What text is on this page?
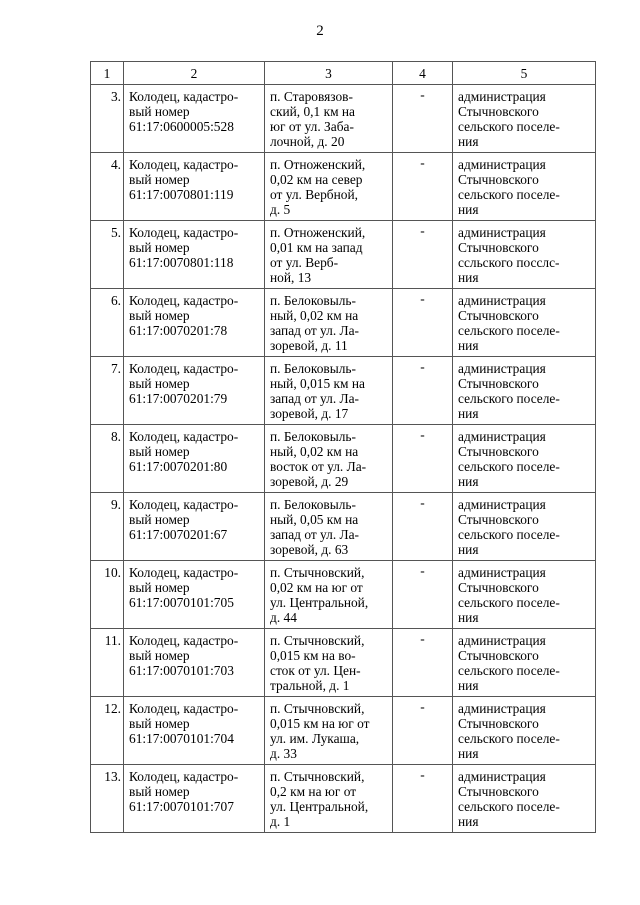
2
1	2	3	4	5
3.	Колодец, кадастро-
вый номер
61:17:0600005:528	п. Старовязов-
ский, 0,1 км на
юг от ул. Заба-
лочной, д. 20	-	администрация
Стычновского
сельского поселе-
ния

4.	Колодец, кадастро-
вый номер
61:17:0070801:119	п. Отноженский,
0,02 км на север
от ул. Вербной,
д. 5	-	администрация
Стычновского
сельского поселе-
ния

5.	Колодец, кадастро-
вый номер
61:17:0070801:118	п. Отноженский,
0,01 км на запад
от ул. Верб-
ной, 13	-	администрация
Стычновского
ссльского посслс-
ния

6.	Колодец, кадастро-
вый номер
61:17:0070201:78	п. Белоковыль-
ный, 0,02 км на
запад от ул. Ла-
зоревой, д. 11	-	администрация
Стычновского
сельского поселе-
ния

7.	Колодец, кадастро-
вый номер
61:17:0070201:79	п. Белоковыль-
ный, 0,015 км на
запад от ул. Ла-
зоревой, д. 17	-	администрация
Стычновского
сельского поселе-
ния

8.	Колодец, кадастро-
вый номер
61:17:0070201:80	п. Белоковыль-
ный, 0,02 км на
восток от ул. Ла-
зоревой, д. 29	-	администрация
Стычновского
сельского поселе-
ния

9.	Колодец, кадастро-
вый номер
61:17:0070201:67	п. Белоковыль-
ный, 0,05 км на
запад от ул. Ла-
зоревой, д. 63	-	администрация
Стычновского
сельского поселе-
ния

10.	Колодец, кадастро-
вый номер
61:17:0070101:705	п. Стычновский,
0,02 км на юг от
ул. Центральной,
д. 44	-	администрация
Стычновского
сельского поселе-
ния

11.	Колодец, кадастро-
вый номер
61:17:0070101:703	п. Стычновский,
0,015 км на во-
сток от ул. Цен-
тральной, д. 1	-	администрация
Стычновского
сельского поселе-
ния

12.	Колодец, кадастро-
вый номер
61:17:0070101:704	п. Стычновский,
0,015 км на юг от
ул. им. Лукаша,
д. 33	-	администрация
Стычновского
сельского поселе-
ния

13.	Колодец, кадастро-
вый номер
61:17:0070101:707	п. Стычновский,
0,2 км на юг от
ул. Центральной,
д. 1	-	администрация
Стычновского
сельского поселе-
ния
